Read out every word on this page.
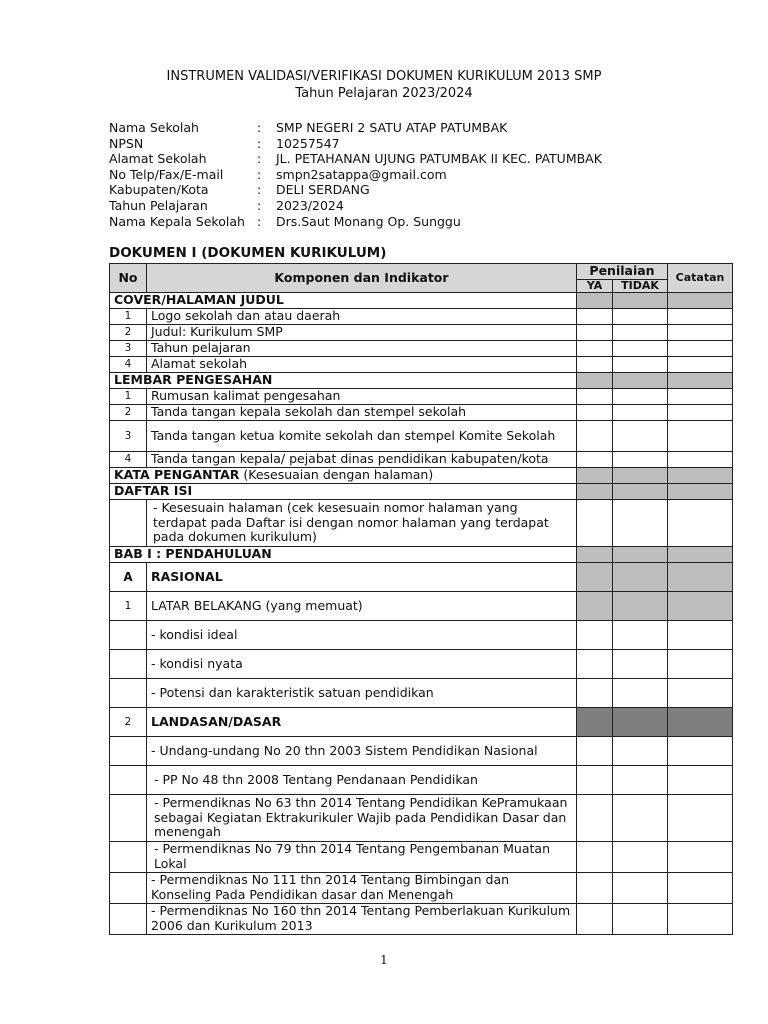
INSTRUMEN VALIDASI/VERIFIKASI DOKUMEN KURIKULUM 2013 SMP
Tahun Pelajaran 2023/2024
Nama Sekolah	:	SMP NEGERI 2 SATU ATAP PATUMBAK
NPSN	:	10257547
Alamat Sekolah	:	JL. PETAHANAN UJUNG PATUMBAK II KEC. PATUMBAK
No Telp/Fax/E-mail	:	smpn2satappa@gmail.com
Kabupaten/Kota	:	DELI SERDANG
Tahun Pelajaran	:	2023/2024
Nama Kepala Sekolah :	Drs.Saut Monang Op. Sunggu
DOKUMEN I (DOKUMEN KURIKULUM)
No	Komponen dan Indikator	Penilaian		Catatan
		YA	TIDAK	
COVER/HALAMAN JUDUL				
1	Logo sekolah dan atau daerah			
2	Judul: Kurikulum SMP			
3	Tahun pelajaran			
4	Alamat sekolah			
LEMBAR PENGESAHAN				
1	Rumusan kalimat pengesahan			
2	Tanda tangan kepala sekolah dan stempel sekolah			
3	Tanda tangan ketua komite sekolah dan stempel Komite Sekolah			
4	Tanda tangan kepala/ pejabat dinas pendidikan kabupaten/kota			
KATA PENGANTAR (Kesesuaian dengan halaman)				
DAFTAR ISI				
	- Kesesuain halaman (cek kesesuain nomor halaman yang terdapat pada Daftar isi dengan nomor halaman yang terdapat pada dokumen kurikulum)			
BAB I : PENDAHULUAN				
A	RASIONAL			
1	LATAR BELAKANG (yang memuat)			
	- kondisi ideal			
	- kondisi nyata			
	- Potensi dan karakteristik satuan pendidikan			
2	LANDASAN/DASAR			
	- Undang-undang No 20 thn 2003 Sistem Pendidikan Nasional			
	- PP No 48 thn 2008 Tentang Pendanaan Pendidikan			
	- Permendiknas No 63 thn 2014 Tentang Pendidikan KePramukaan sebagai Kegiatan Ektrakurikuler Wajib pada Pendidikan Dasar dan menengah			
	- Permendiknas No 79 thn 2014 Tentang Pengembanan Muatan Lokal			
	- Permendiknas No 111 thn 2014 Tentang Bimbingan dan Konseling Pada Pendidikan dasar dan Menengah			
	- Permendiknas No 160 thn 2014 Tentang Pemberlakuan Kurikulum 2006 dan Kurikulum 2013			
1
